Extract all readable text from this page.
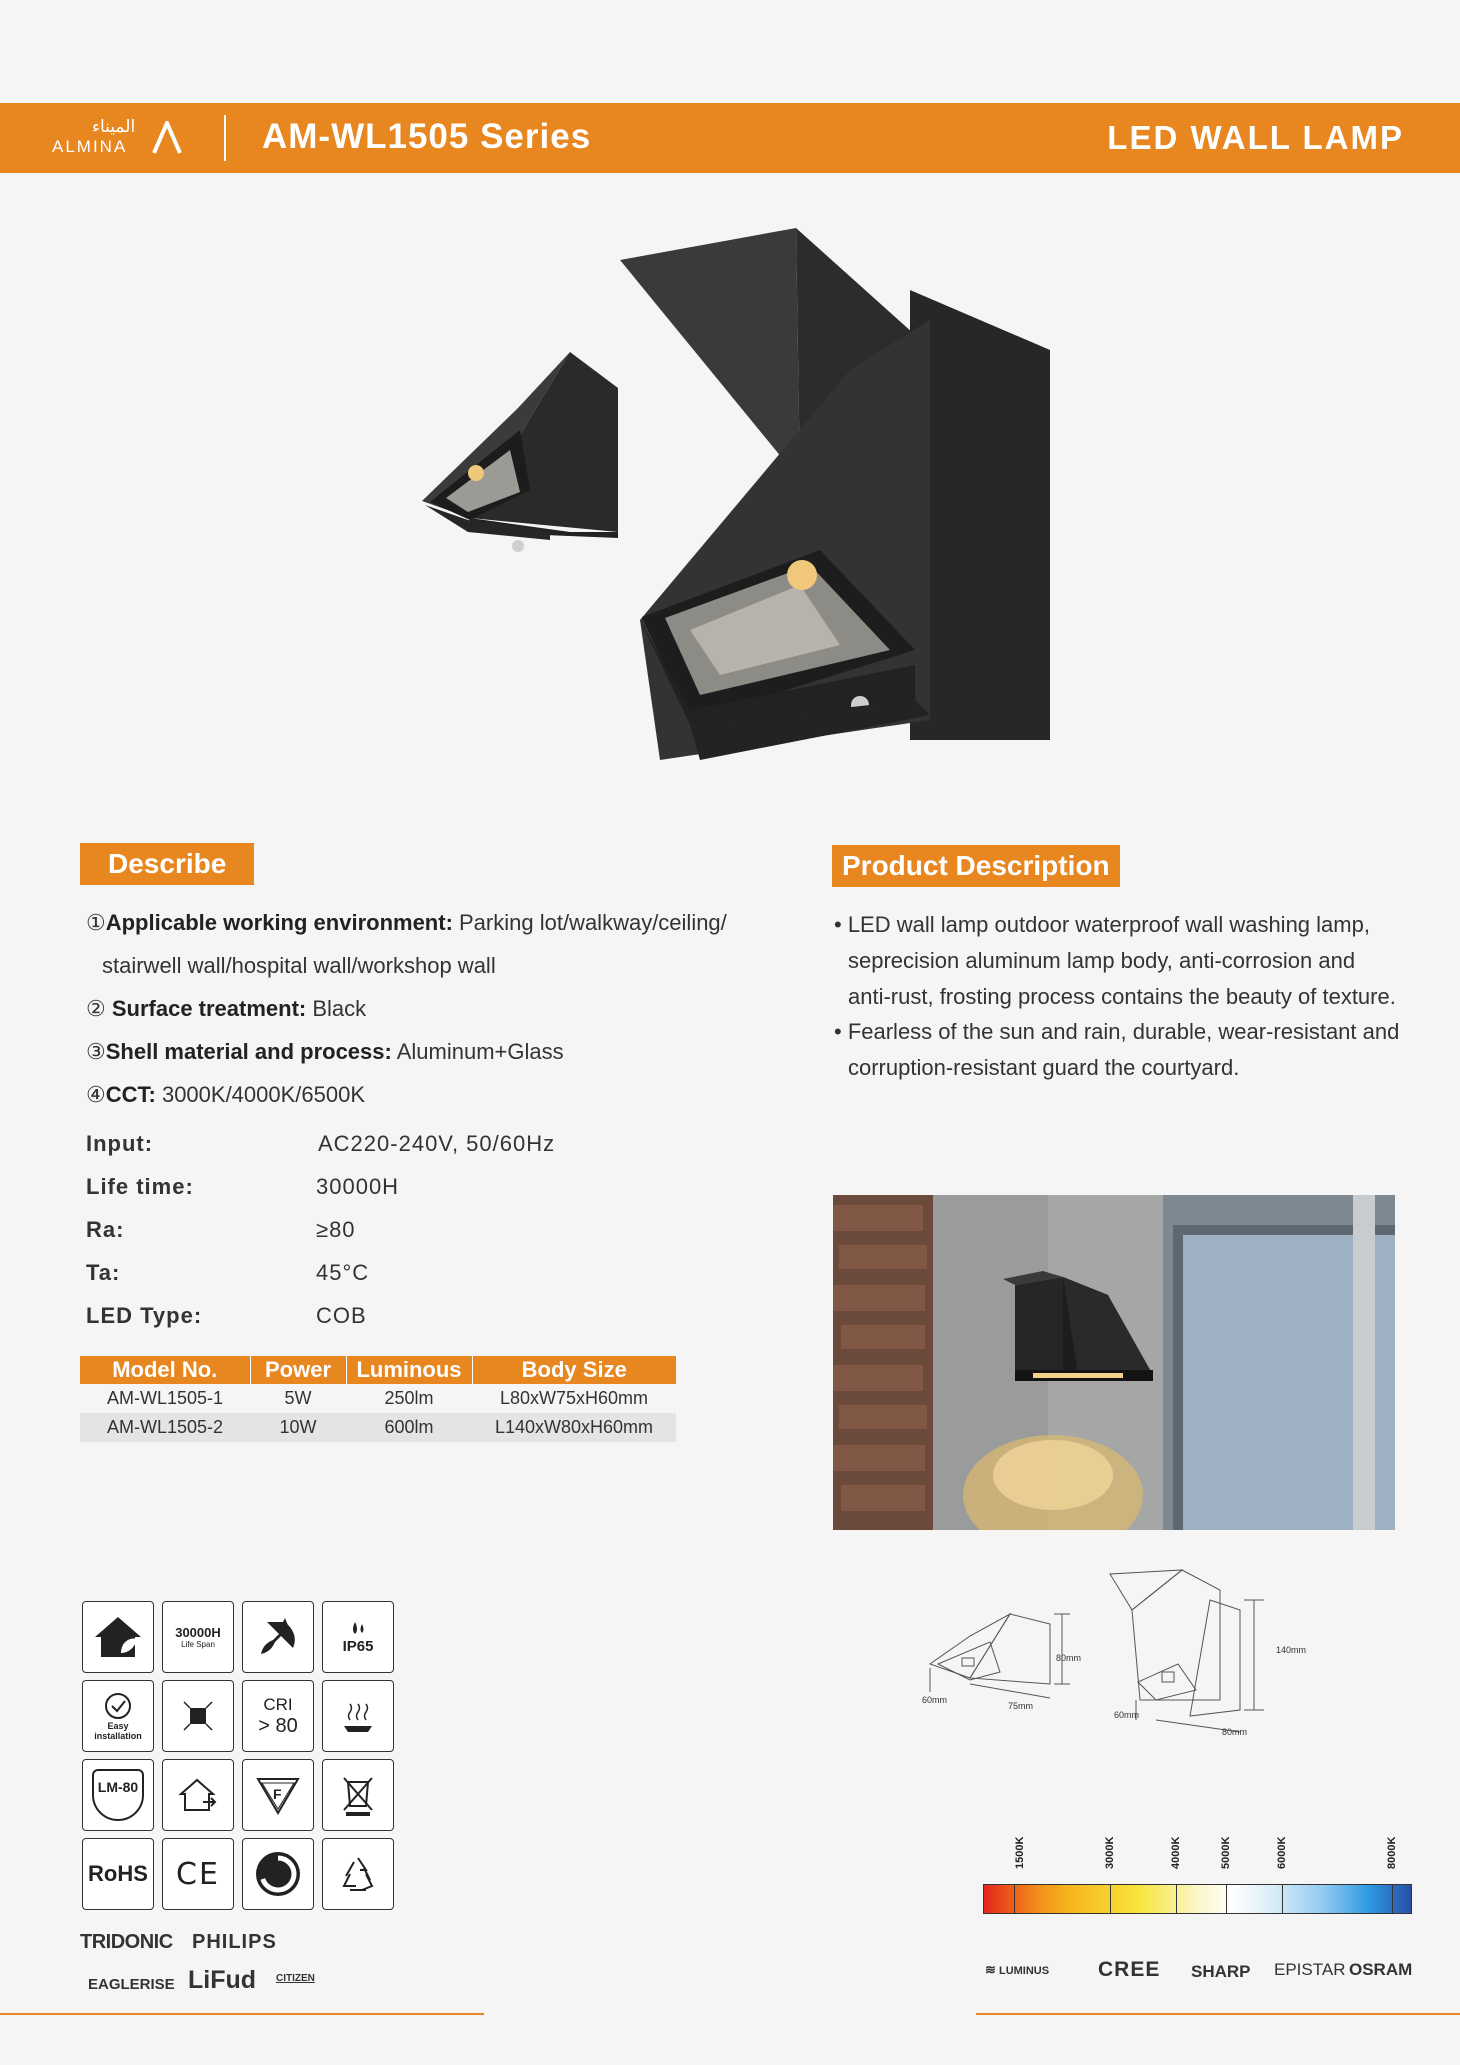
الميناء
ALMINA	AM-WL1505 Series	LED WALL LAMP
Describe
①Applicable working environment: Parking lot/walkway/ceiling/
stairwell wall/hospital wall/workshop wall
② Surface treatment: Black
③Shell material and process: Aluminum+Glass
④CCT: 3000K/4000K/6500K
Input:	AC220-240V, 50/60Hz
Life time:	30000H
Ra:	≥80
Ta:	45°C
LED Type:	COB
Model No.	Power	Luminous	Body Size
AM-WL1505-1	5W	250lm	L80xW75xH60mm
AM-WL1505-2	10W	600lm	L140xW80xH60mm
Product Description
• LED wall lamp outdoor waterproof wall washing lamp,
seprecision aluminum lamp body, anti-corrosion and
anti-rust, frosting process contains the beauty of texture.
• Fearless of the sun and rain, durable, wear-resistant and
corruption-resistant guard the courtyard.
30000H
Life Span	IP65
Easy installation
CRI
> 80
LM-80	F
RoHS CE
80mm
60mm
75mm
140mm
60mm
80mm
1500K	3000K	4000K	5000K	6000K	8000K
TRIDONIC PHILIPS
EAGLERISE LiFud CITIZEN
≋ LUMINUS CREE SHARP EPISTAR OSRAM
